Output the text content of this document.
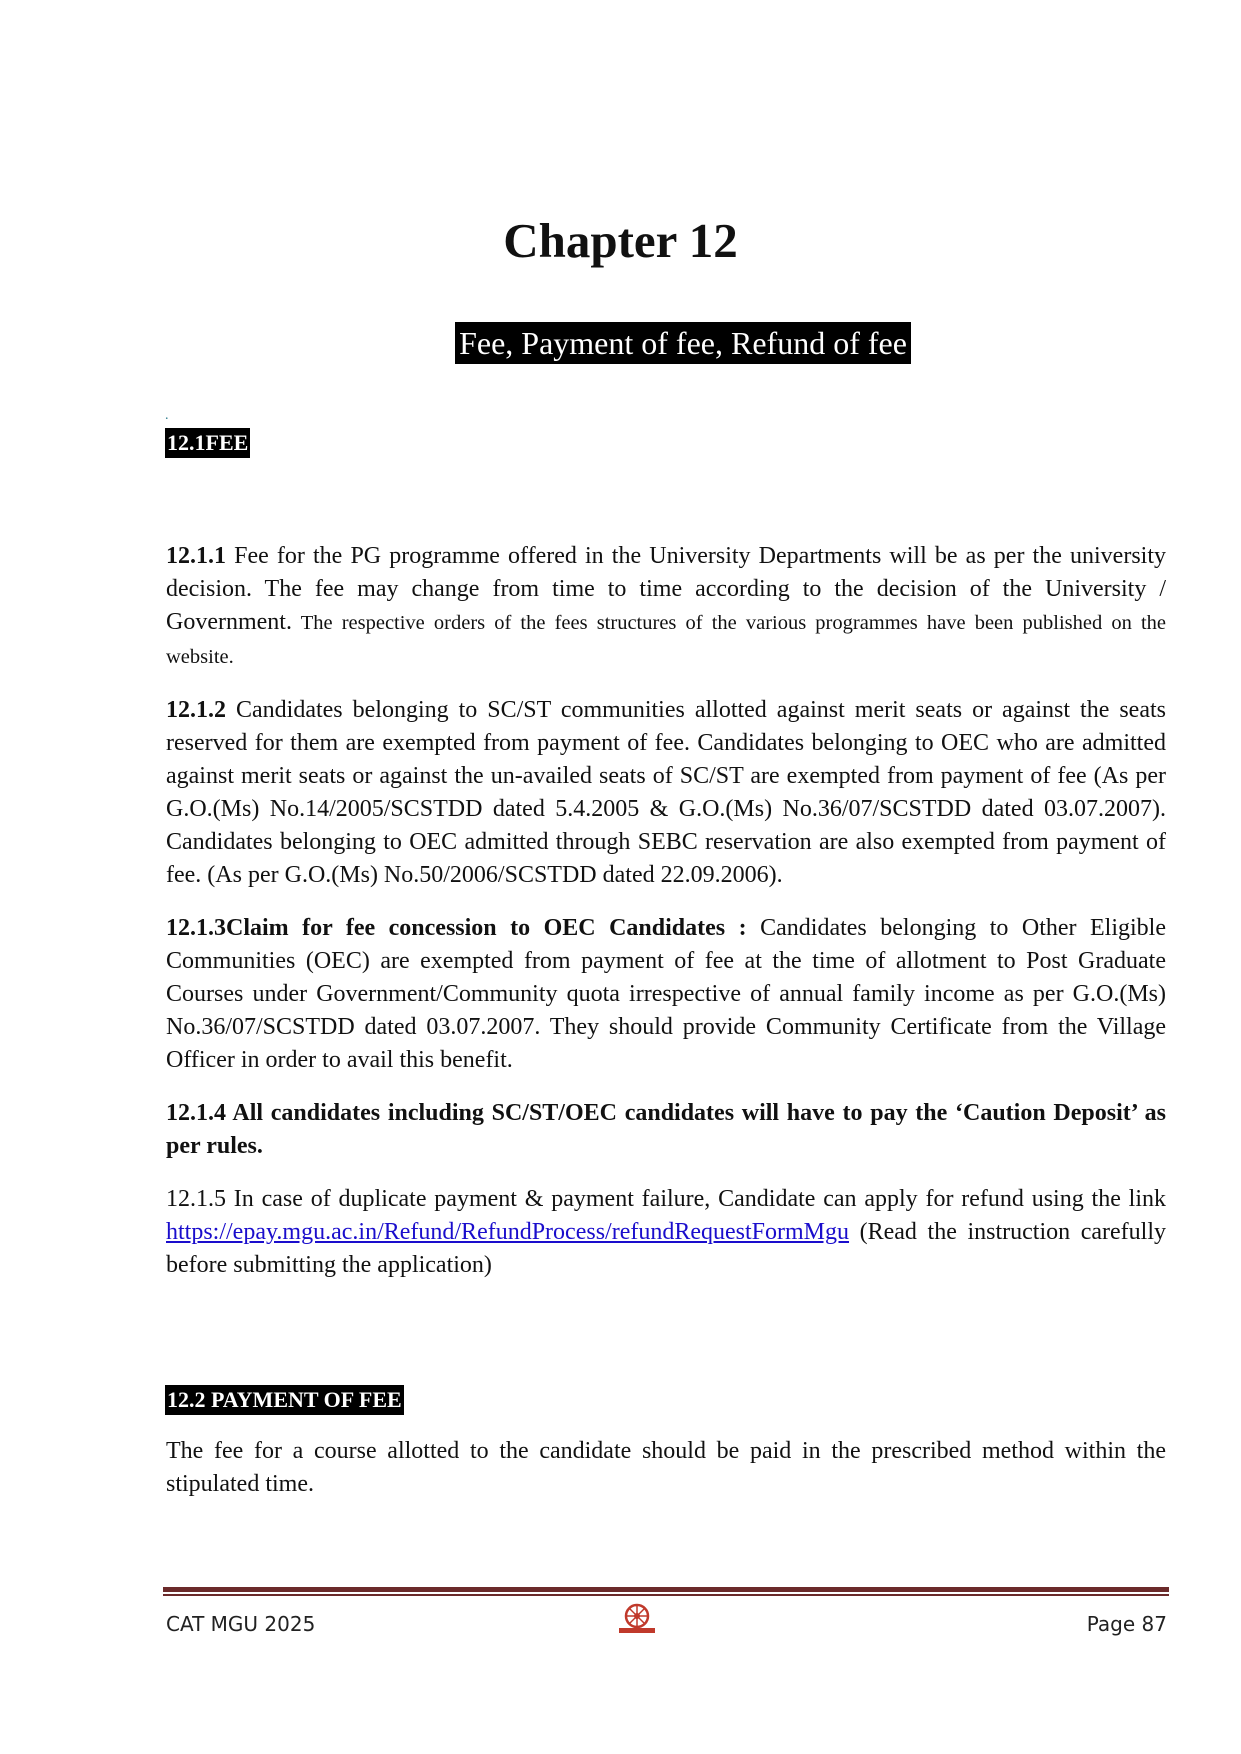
Chapter 12
Fee, Payment of fee, Refund of fee
.
12.1FEE

12.1.1 Fee for the PG programme offered in the University Departments will be as per the university decision. The fee may change from time to time according to the decision of the University / Government. The respective orders of the fees structures of the various programmes have been published on the website.

12.1.2 Candidates belonging to SC/ST communities allotted against merit seats or against the seats reserved for them are exempted from payment of fee. Candidates belonging to OEC who are admitted against merit seats or against the un-availed seats of SC/ST are exempted from payment of fee (As per G.O.(Ms) No.14/2005/SCSTDD dated 5.4.2005 & G.O.(Ms) No.36/07/SCSTDD dated 03.07.2007). Candidates belonging to OEC admitted through SEBC reservation are also exempted from payment of fee. (As per G.O.(Ms) No.50/2006/SCSTDD dated 22.09.2006).

12.1.3Claim for fee concession to OEC Candidates : Candidates belonging to Other Eligible Communities (OEC) are exempted from payment of fee at the time of allotment to Post Graduate Courses under Government/Community quota irrespective of annual family income as per G.O.(Ms) No.36/07/SCSTDD dated 03.07.2007. They should provide Community Certificate from the Village Officer in order to avail this benefit.

12.1.4 All candidates including SC/ST/OEC candidates will have to pay the ‘Caution Deposit’ as per rules.

12.1.5 In case of duplicate payment & payment failure, Candidate can apply for refund using the link https://epay.mgu.ac.in/Refund/RefundProcess/refundRequestFormMgu (Read the instruction carefully before submitting the application)

12.2 PAYMENT OF FEE

The fee for a course allotted to the candidate should be paid in the prescribed method within the stipulated time.

CAT MGU 2025	Page 87
